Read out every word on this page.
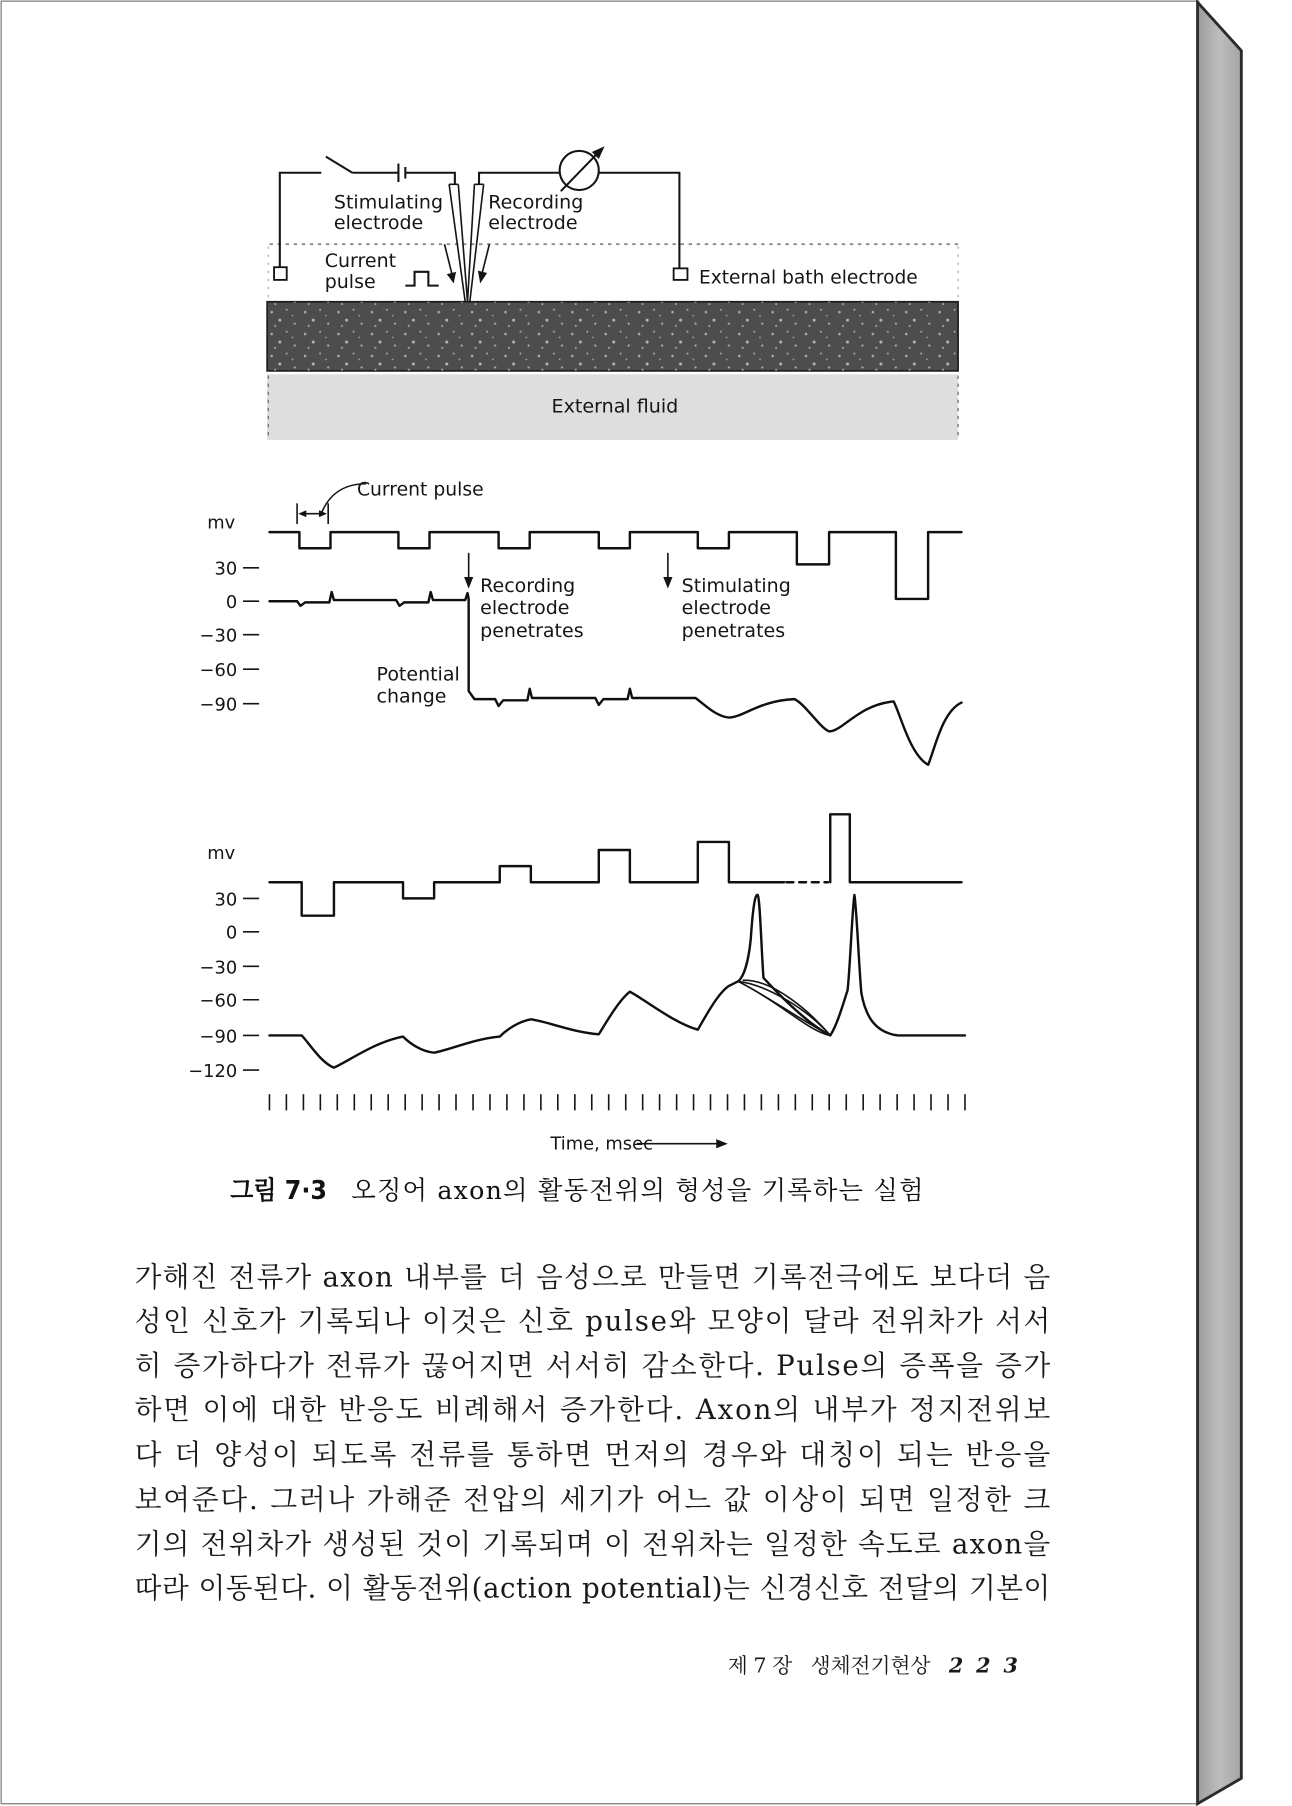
Stimulating
electrode
Recording
electrode
Current
pulse	External bath electrode
External fluid
Current pulse
mv
30
0
−30
−60
−90
Recording
electrode
penetrates
Stimulating
electrode
penetrates
Potential
change
mv
30
0
−30
−60
−90
−120
Time, msec
그림 7·3 오징어 axon의 활동전위의 형성을 기록하는 실험
가해진 전류가 axon 내부를 더 음성으로 만들면 기록전극에도 보다더 음
성인 신호가 기록되나 이것은 신호 pulse와 모양이 달라 전위차가 서서
히 증가하다가 전류가 끊어지면 서서히 감소한다. Pulse의 증폭을 증가
하면 이에 대한 반응도 비례해서 증가한다. Axon의 내부가 정지전위보
다 더 양성이 되도록 전류를 통하면 먼저의 경우와 대칭이 되는 반응을
보여준다. 그러나 가해준 전압의 세기가 어느 값 이상이 되면 일정한 크
기의 전위차가 생성된 것이 기록되며 이 전위차는 일정한 속도로 axon을
따라 이동된다. 이 활동전위(action potential)는 신경신호 전달의 기본이
제 7 장 생체전기현상 223
